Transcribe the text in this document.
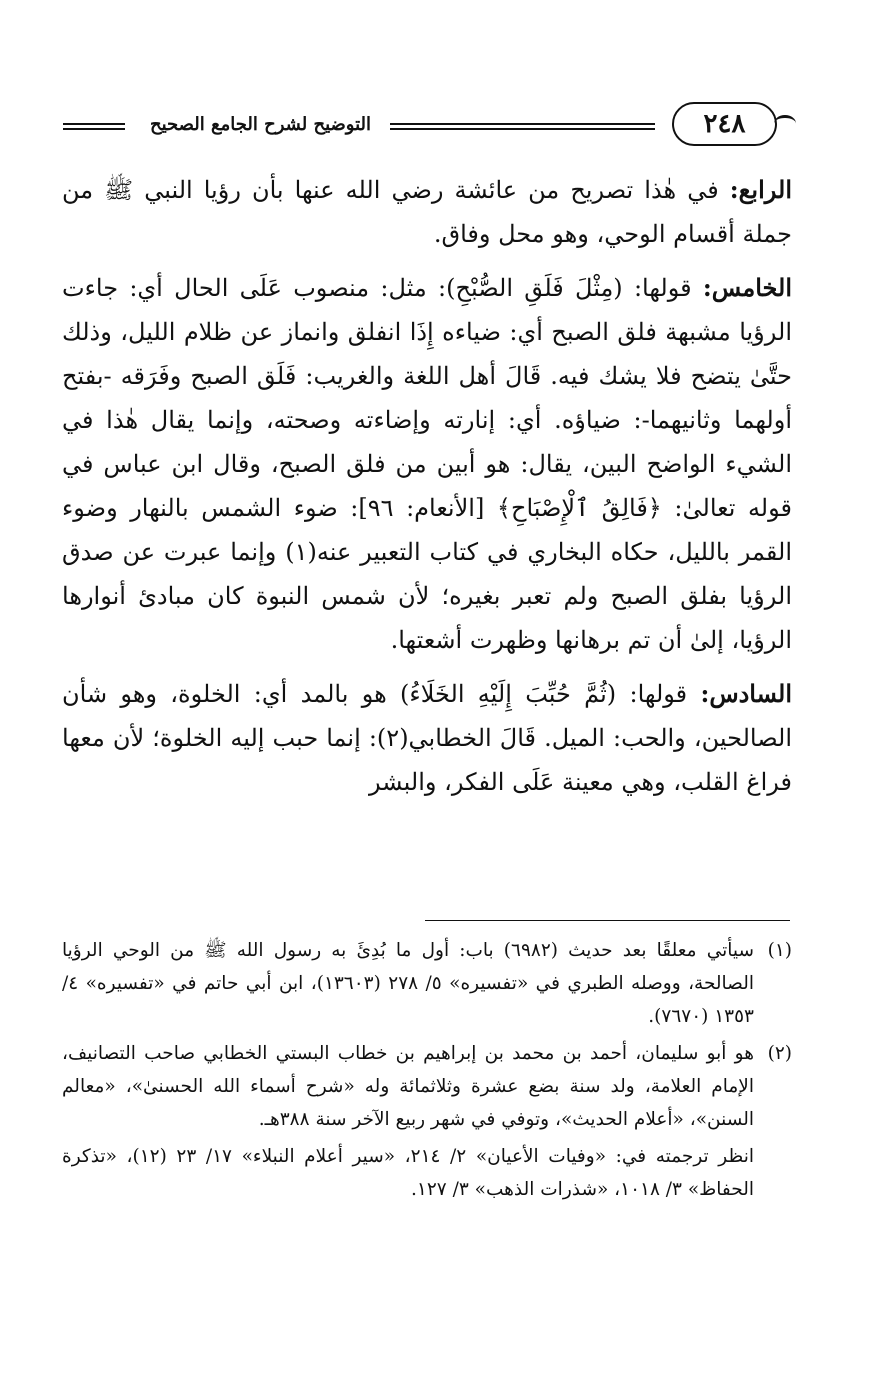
التوضيح لشرح الجامع الصحيح	٢٤٨

الرابع: في هٰذا تصريح من عائشة رضي الله عنها بأن رؤيا النبي ﷺ من جملة أقسام الوحي، وهو محل وفاق.

الخامس: قولها: (مِثْلَ فَلَقِ الصُّبْحِ): مثل: منصوب عَلَى الحال أي: جاءت الرؤيا مشبهة فلق الصبح أي: ضياءه إِذَا انفلق وانماز عن ظلام الليل، وذلك حتَّىٰ يتضح فلا يشك فيه. قَالَ أهل اللغة والغريب: فَلَق الصبح وفَرَقه -بفتح أولهما وثانيهما-: ضياؤه. أي: إنارته وإضاءته وصحته، وإنما يقال هٰذا في الشيء الواضح البين، يقال: هو أبين من فلق الصبح، وقال ابن عباس في قوله تعالىٰ: ﴿فَالِقُ ٱلْإِصْبَاحِ﴾ [الأنعام: ٩٦]: ضوء الشمس بالنهار وضوء القمر بالليل، حكاه البخاري في كتاب التعبير عنه(١) وإنما عبرت عن صدق الرؤيا بفلق الصبح ولم تعبر بغيره؛ لأن شمس النبوة كان مبادئ أنوارها الرؤيا، إلىٰ أن تم برهانها وظهرت أشعتها.

السادس: قولها: (ثُمَّ حُبِّبَ إِلَيْهِ الخَلَاءُ) هو بالمد أي: الخلوة، وهو شأن الصالحين، والحب: الميل. قَالَ الخطابي(٢): إنما حبب إليه الخلوة؛ لأن معها فراغ القلب، وهي معينة عَلَى الفكر، والبشر

(١)
سيأتي معلقًا بعد حديث (٦٩٨٢) باب: أول ما بُدِئَ به رسول الله ﷺ من الوحي الرؤيا الصالحة، ووصله الطبري في «تفسيره» ٥/ ٢٧٨ (١٣٦٠٣)، ابن أبي حاتم في «تفسيره» ٤/ ١٣٥٣ (٧٦٧٠).
(٢)
هو أبو سليمان، أحمد بن محمد بن إبراهيم بن خطاب البستي الخطابي صاحب التصانيف، الإمام العلامة، ولد سنة بضع عشرة وثلاثمائة وله «شرح أسماء الله الحسنىٰ»، «معالم السنن»، «أعلام الحديث»، وتوفي في شهر ربيع الآخر سنة ٣٨٨هـ.
انظر ترجمته في: «وفيات الأعيان» ٢/ ٢١٤، «سير أعلام النبلاء» ١٧/ ٢٣ (١٢)، «تذكرة الحفاظ» ٣/ ١٠١٨، «شذرات الذهب» ٣/ ١٢٧.
